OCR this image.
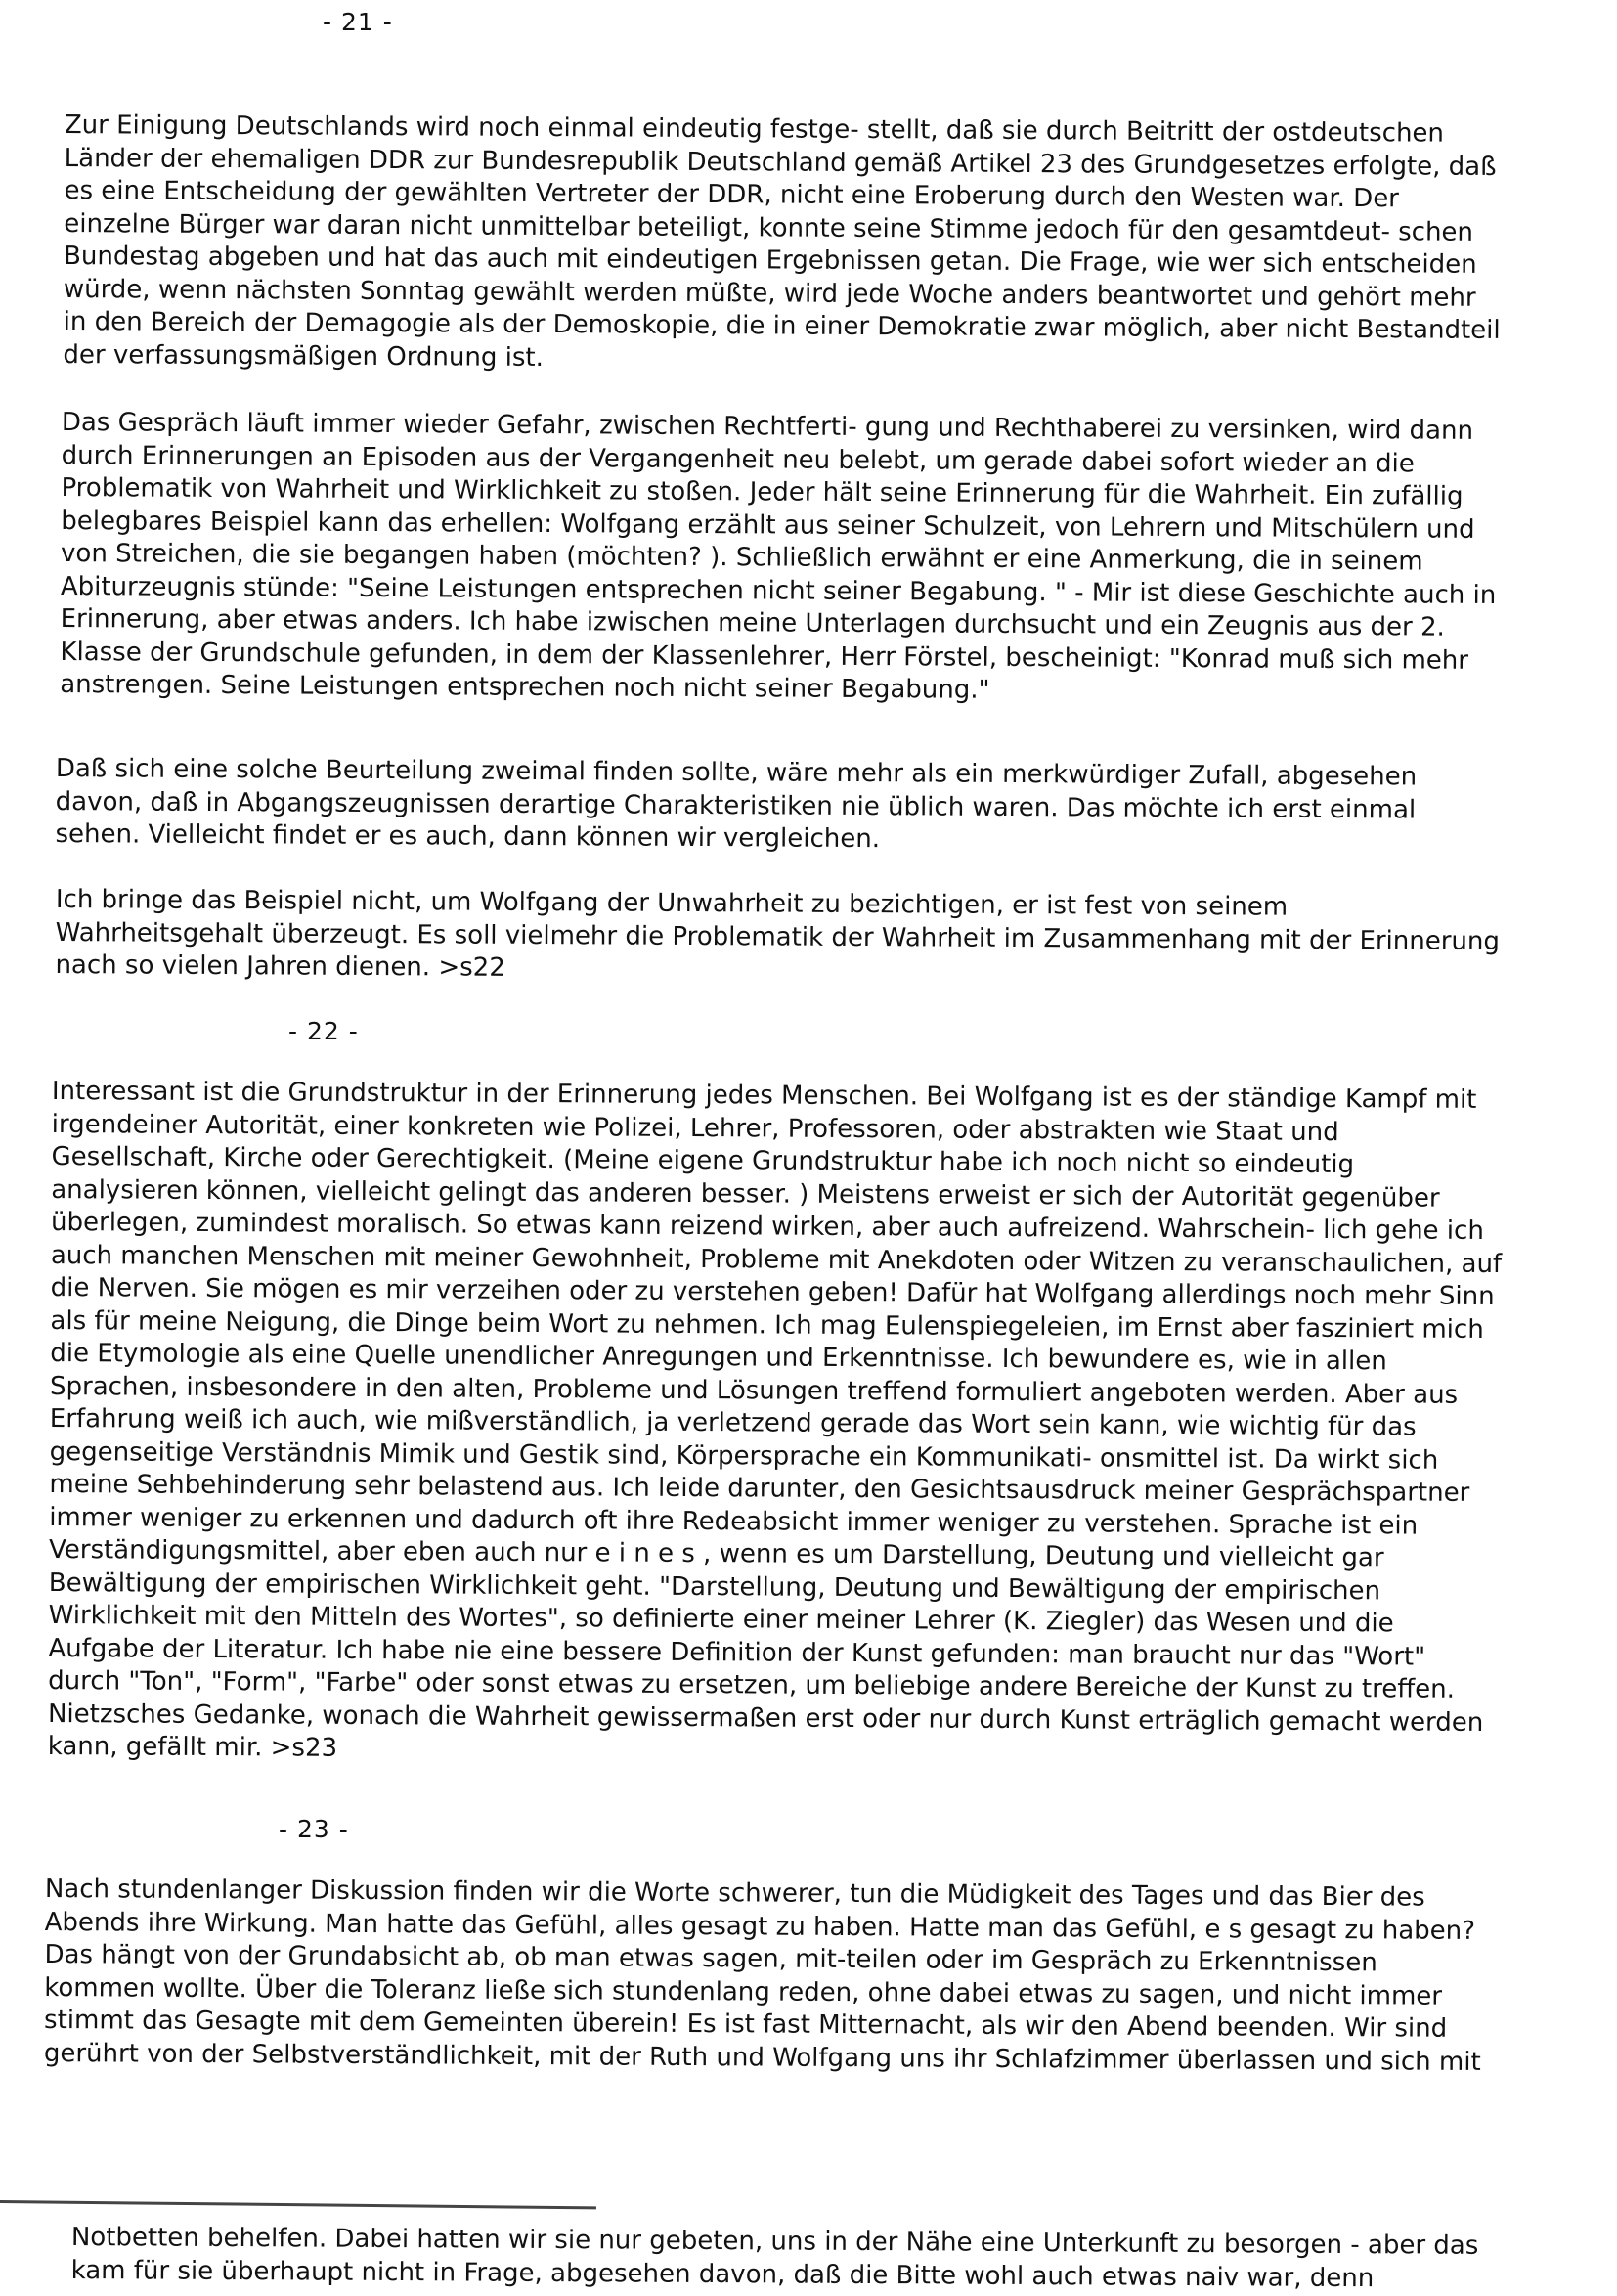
- 21 -
Zur Einigung Deutschlands wird noch einmal eindeutig festge- stellt, daß sie durch Beitritt der ostdeutschen
Länder der ehemaligen DDR zur Bundesrepublik Deutschland gemäß Artikel 23 des Grundgesetzes erfolgte, daß
es eine Entscheidung der gewählten Vertreter der DDR, nicht eine Eroberung durch den Westen war. Der
einzelne Bürger war daran nicht unmittelbar beteiligt, konnte seine Stimme jedoch für den gesamtdeut- schen
Bundestag abgeben und hat das auch mit eindeutigen Ergebnissen getan. Die Frage, wie wer sich entscheiden
würde, wenn nächsten Sonntag gewählt werden müßte, wird jede Woche anders beantwortet und gehört mehr
in den Bereich der Demagogie als der Demoskopie, die in einer Demokratie zwar möglich, aber nicht Bestandteil
der verfassungsmäßigen Ordnung ist.
Das Gespräch läuft immer wieder Gefahr, zwischen Rechtferti- gung und Rechthaberei zu versinken, wird dann
durch Erinnerungen an Episoden aus der Vergangenheit neu belebt, um gerade dabei sofort wieder an die
Problematik von Wahrheit und Wirklichkeit zu stoßen. Jeder hält seine Erinnerung für die Wahrheit. Ein zufällig
belegbares Beispiel kann das erhellen: Wolfgang erzählt aus seiner Schulzeit, von Lehrern und Mitschülern und
von Streichen, die sie begangen haben (möchten? ). Schließlich erwähnt er eine Anmerkung, die in seinem
Abiturzeugnis stünde: "Seine Leistungen entsprechen nicht seiner Begabung. " - Mir ist diese Geschichte auch in
Erinnerung, aber etwas anders. Ich habe izwischen meine Unterlagen durchsucht und ein Zeugnis aus der 2.
Klasse der Grundschule gefunden, in dem der Klassenlehrer, Herr Förstel, bescheinigt: "Konrad muß sich mehr
anstrengen. Seine Leistungen entsprechen noch nicht seiner Begabung."
Daß sich eine solche Beurteilung zweimal finden sollte, wäre mehr als ein merkwürdiger Zufall, abgesehen
davon, daß in Abgangszeugnissen derartige Charakteristiken nie üblich waren. Das möchte ich erst einmal
sehen. Vielleicht findet er es auch, dann können wir vergleichen.
Ich bringe das Beispiel nicht, um Wolfgang der Unwahrheit zu bezichtigen, er ist fest von seinem
Wahrheitsgehalt überzeugt. Es soll vielmehr die Problematik der Wahrheit im Zusammenhang mit der Erinnerung
nach so vielen Jahren dienen. >s22
- 22 -
Interessant ist die Grundstruktur in der Erinnerung jedes Menschen. Bei Wolfgang ist es der ständige Kampf mit
irgendeiner Autorität, einer konkreten wie Polizei, Lehrer, Professoren, oder abstrakten wie Staat und
Gesellschaft, Kirche oder Gerechtigkeit. (Meine eigene Grundstruktur habe ich noch nicht so eindeutig
analysieren können, vielleicht gelingt das anderen besser. ) Meistens erweist er sich der Autorität gegenüber
überlegen, zumindest moralisch. So etwas kann reizend wirken, aber auch aufreizend. Wahrschein- lich gehe ich
auch manchen Menschen mit meiner Gewohnheit, Probleme mit Anekdoten oder Witzen zu veranschaulichen, auf
die Nerven. Sie mögen es mir verzeihen oder zu verstehen geben! Dafür hat Wolfgang allerdings noch mehr Sinn
als für meine Neigung, die Dinge beim Wort zu nehmen. Ich mag Eulenspiegeleien, im Ernst aber fasziniert mich
die Etymologie als eine Quelle unendlicher Anregungen und Erkenntnisse. Ich bewundere es, wie in allen
Sprachen, insbesondere in den alten, Probleme und Lösungen treffend formuliert angeboten werden. Aber aus
Erfahrung weiß ich auch, wie mißverständlich, ja verletzend gerade das Wort sein kann, wie wichtig für das
gegenseitige Verständnis Mimik und Gestik sind, Körpersprache ein Kommunikati- onsmittel ist. Da wirkt sich
meine Sehbehinderung sehr belastend aus. Ich leide darunter, den Gesichtsausdruck meiner Gesprächspartner
immer weniger zu erkennen und dadurch oft ihre Redeabsicht immer weniger zu verstehen. Sprache ist ein
Verständigungsmittel, aber eben auch nur e i n e s , wenn es um Darstellung, Deutung und vielleicht gar
Bewältigung der empirischen Wirklichkeit geht. "Darstellung, Deutung und Bewältigung der empirischen
Wirklichkeit mit den Mitteln des Wortes", so definierte einer meiner Lehrer (K. Ziegler) das Wesen und die
Aufgabe der Literatur. Ich habe nie eine bessere Definition der Kunst gefunden: man braucht nur das "Wort"
durch "Ton", "Form", "Farbe" oder sonst etwas zu ersetzen, um beliebige andere Bereiche der Kunst zu treffen.
Nietzsches Gedanke, wonach die Wahrheit gewissermaßen erst oder nur durch Kunst erträglich gemacht werden
kann, gefällt mir. >s23
- 23 -
Nach stundenlanger Diskussion finden wir die Worte schwerer, tun die Müdigkeit des Tages und das Bier des
Abends ihre Wirkung. Man hatte das Gefühl, alles gesagt zu haben. Hatte man das Gefühl, e s gesagt zu haben?
Das hängt von der Grundabsicht ab, ob man etwas sagen, mit-teilen oder im Gespräch zu Erkenntnissen
kommen wollte. Über die Toleranz ließe sich stundenlang reden, ohne dabei etwas zu sagen, und nicht immer
stimmt das Gesagte mit dem Gemeinten überein! Es ist fast Mitternacht, als wir den Abend beenden. Wir sind
gerührt von der Selbstverständlichkeit, mit der Ruth und Wolfgang uns ihr Schlafzimmer überlassen und sich mit
Notbetten behelfen. Dabei hatten wir sie nur gebeten, uns in der Nähe eine Unterkunft zu besorgen - aber das
kam für sie überhaupt nicht in Frage, abgesehen davon, daß die Bitte wohl auch etwas naiv war, denn
